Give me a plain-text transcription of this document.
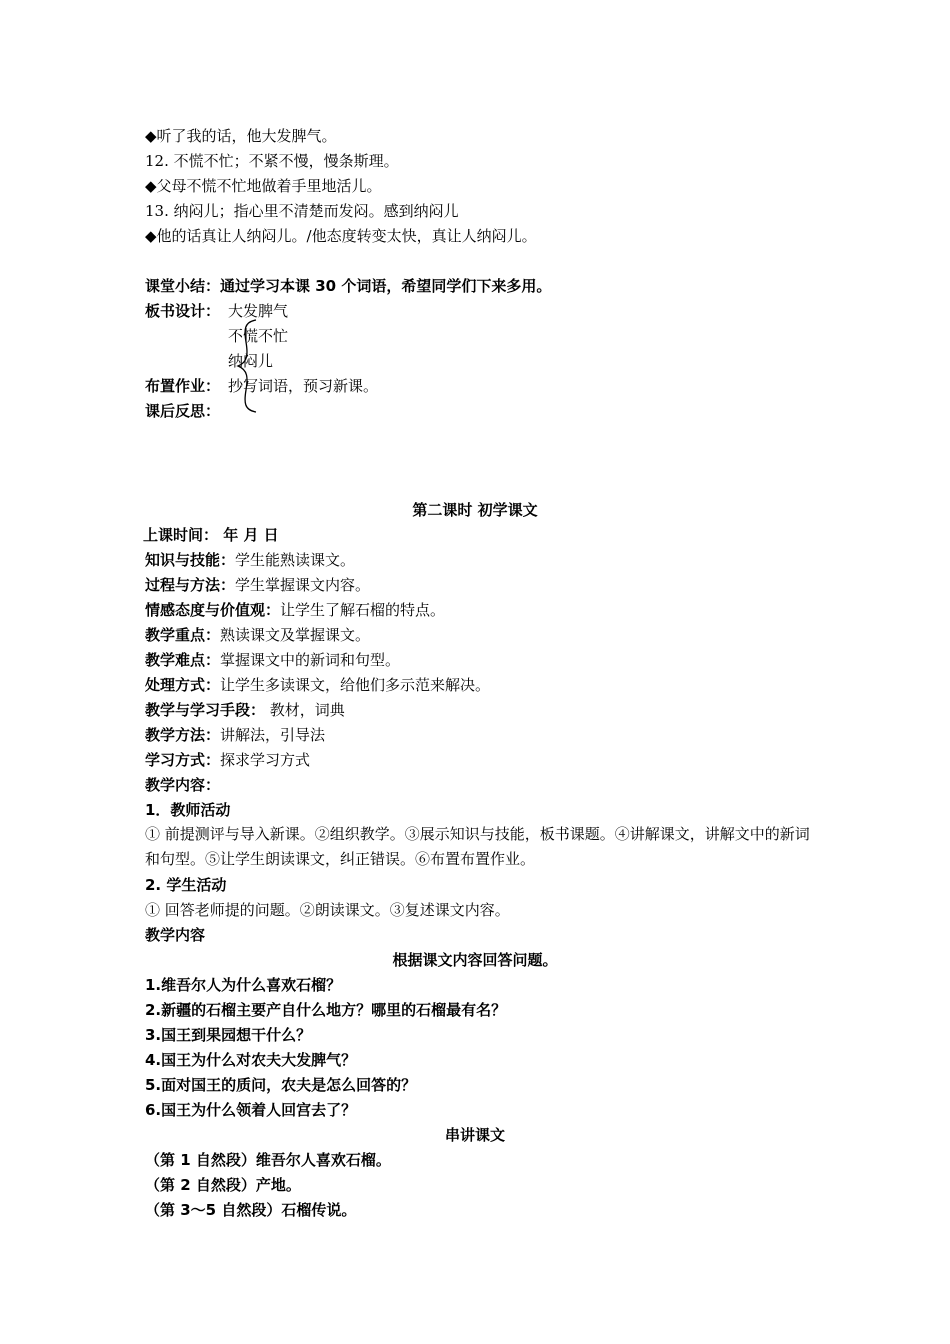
◆听了我的话，他大发脾气。
12. 不慌不忙；不紧不慢，慢条斯理。
◆父母不慌不忙地做着手里地活儿。
13. 纳闷儿；指心里不清楚而发闷。感到纳闷儿
◆他的话真让人纳闷儿。/他态度转变太快，真让人纳闷儿。
课堂小结：通过学习本课 30 个词语，希望同学们下来多用。
板书设计： 大发脾气
不慌不忙
纳闷儿
布置作业： 抄写词语，预习新课。
课后反思：
第二课时 初学课文
上课时间： 年 月 日
知识与技能：学生能熟读课文。
过程与方法：学生掌握课文内容。
情感态度与价值观：让学生了解石榴的特点。
教学重点：熟读课文及掌握课文。
教学难点：掌握课文中的新词和句型。
处理方式：让学生多读课文，给他们多示范来解决。
教学与学习手段： 教材，词典
教学方法：讲解法，引导法
学习方式：探求学习方式
教学内容：
1．教师活动
① 前提测评与导入新课。②组织教学。③展示知识与技能，板书课题。④讲解课文，讲解文中的新词和句型。⑤让学生朗读课文，纠正错误。⑥布置布置作业。
2. 学生活动
① 回答老师提的问题。②朗读课文。③复述课文内容。
教学内容
根据课文内容回答问题。
1.维吾尔人为什么喜欢石榴？
2.新疆的石榴主要产自什么地方？哪里的石榴最有名？
3.国王到果园想干什么？
4.国王为什么对农夫大发脾气？
5.面对国王的质问，农夫是怎么回答的？
6.国王为什么领着人回宫去了？
串讲课文
（第 1 自然段）维吾尔人喜欢石榴。
（第 2 自然段）产地。
（第 3～5 自然段）石榴传说。
